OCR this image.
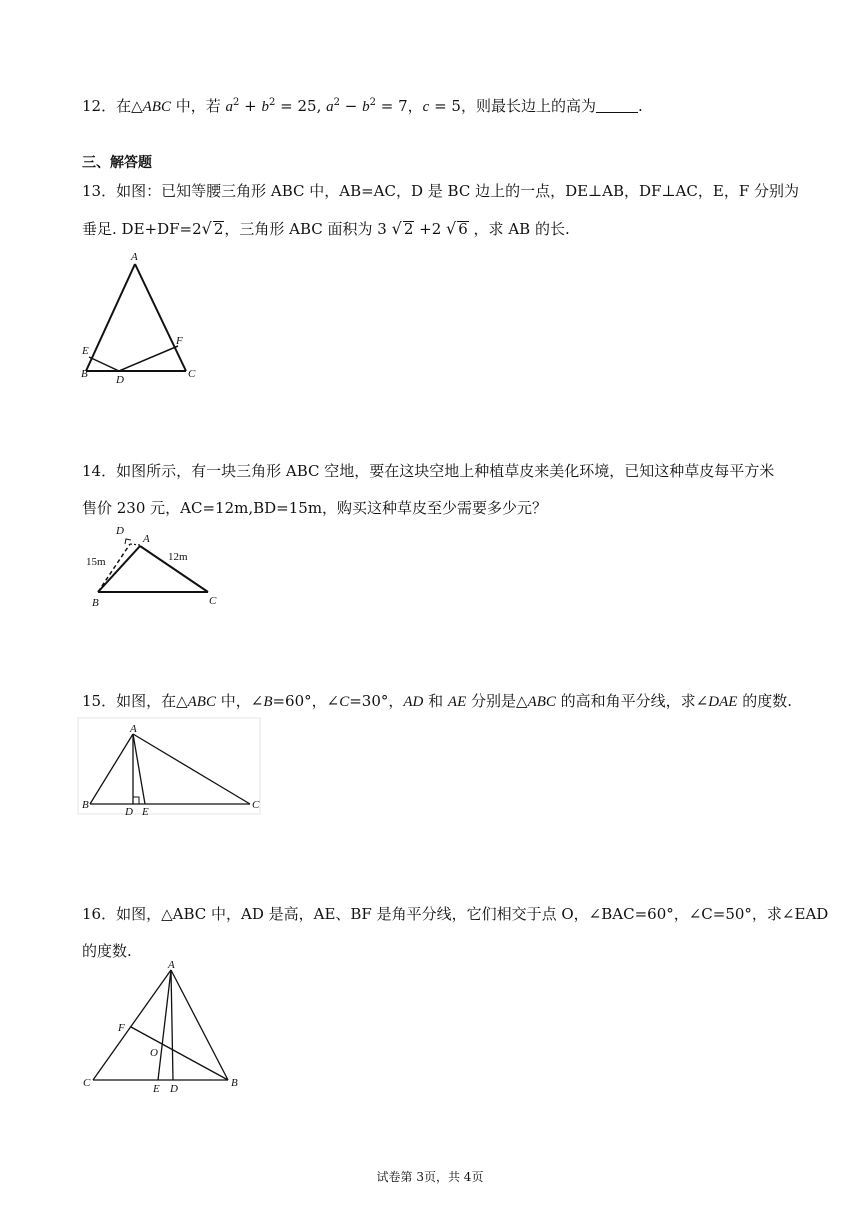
12．在△ABC 中，若 $a^2 + b^2 = 25$, $a^2 - b^2 = 7$，c = 5，则最长边上的高为	.
三、解答题
13．如图：已知等腰三角形 ABC 中，AB=AC，D 是 BC 边上的一点，DE⊥AB，DF⊥AC，E，F 分别为
垂足. DE+DF=2√ 2，三角形 ABC 面积为 3 √ 2 +2 √ 6 ，求 AB 的长.
A
E
F
B	D	C
14．如图所示，有一块三角形 ABC 空地，要在这块空地上种植草皮来美化环境，已知这种草皮每平方米
售价 230 元，AC=12m,BD=15m，购买这种草皮至少需要多少元？
D
A
15m	12m
B	C
15．如图，在△ABC 中，∠B=60°，∠C=30°，AD 和 AE 分别是△ABC 的高和角平分线，求∠DAE 的度数.
A
B
D E
C
16．如图，△ABC 中，AD 是高，AE、BF 是角平分线，它们相交于点 O，∠BAC=60°，∠C=50°，求∠EAD
的度数.
A
F
O
C	E D	B
试卷第 3页，共 4页
